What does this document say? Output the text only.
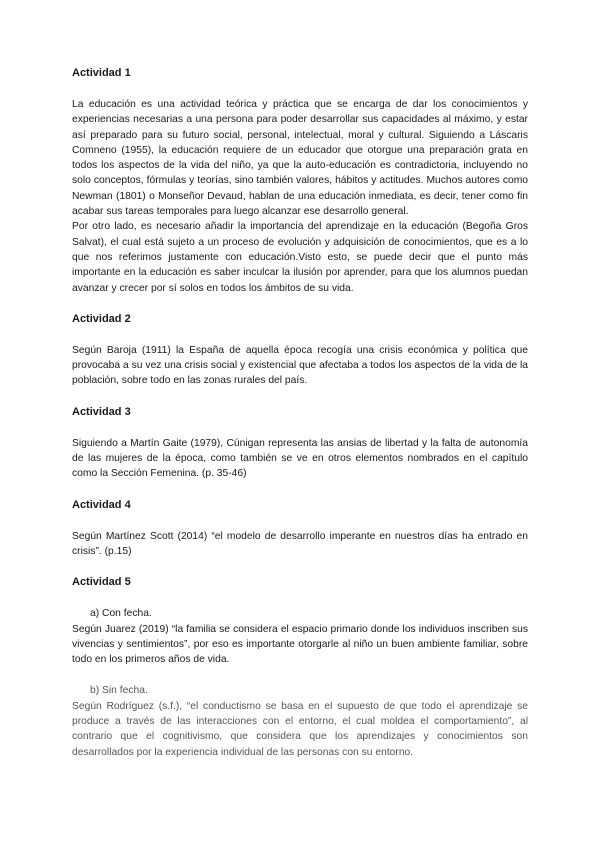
Actividad 1

La educación es una actividad teórica y práctica que se encarga de dar los conocimientos y experiencias necesarias a una persona para poder desarrollar sus capacidades al máximo, y estar así preparado para su futuro social, personal, intelectual, moral y cultural. Siguiendo a Láscaris Comneno (1955), la educación requiere de un educador que otorgue una preparación grata en todos los aspectos de la vida del niño, ya que la auto-educación es contradictoria, incluyendo no solo conceptos, fórmulas y teorías, sino también valores, hábitos y actitudes. Muchos autores como Newman (1801) o Monseñor Devaud, hablan de una educación inmediata, es decir, tener como fin acabar sus tareas temporales para luego alcanzar ese desarrollo general.

Por otro lado, es necesario añadir la importancia del aprendizaje en la educación (Begoña Gros Salvat), el cual está sujeto a un proceso de evolución y adquisición de conocimientos, que es a lo que nos referimos justamente con educación.Visto esto, se puede decir que el punto más importante en la educación es saber inculcar la ilusión por aprender, para que los alumnos puedan avanzar y crecer por sí solos en todos los ámbitos de su vida.

Actividad 2

Según Baroja (1911) la España de aquella época recogía una crisis económica y política que provocaba a su vez una crisis social y existencial que afectaba a todos los aspectos de la vida de la población, sobre todo en las zonas rurales del país.

Actividad 3

Siguiendo a Martín Gaite (1979), Cúnigan representa las ansias de libertad y la falta de autonomía de las mujeres de la época, como también se ve en otros elementos nombrados en el capítulo como la Sección Femenina. (p. 35-46)

Actividad 4

Según Martínez Scott (2014) “el modelo de desarrollo imperante en nuestros días ha entrado en crisis”. (p.15)

Actividad 5

a) Con fecha.

Según Juarez (2019) “la familia se considera el espacio primario donde los individuos inscriben sus vivencias y sentimientos”, por eso es importante otorgarle al niño un buen ambiente familiar, sobre todo en los primeros años de vida.

b) Sin fecha.

Según Rodríguez (s.f.), “el conductismo se basa en el supuesto de que todo el aprendizaje se produce a través de las interacciones con el entorno, el cual moldea el comportamiento”, al contrario que el cognitivismo, que considera que los aprendizajes y conocimientos son desarrollados por la experiencia individual de las personas con su entorno.
